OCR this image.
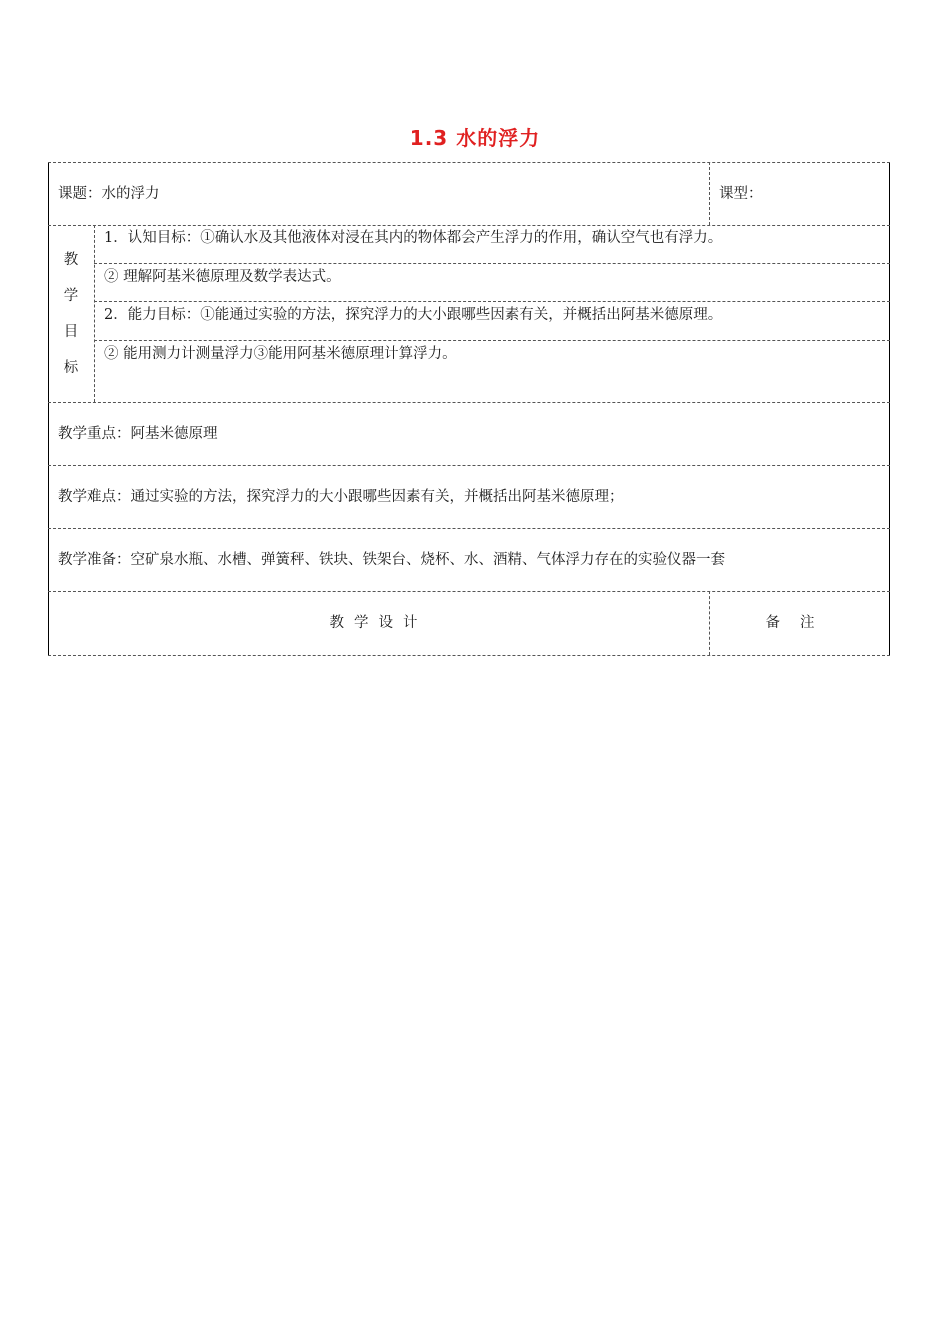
1.3 水的浮力
课题： 水的浮力	课型：
教
学
目
标
1．认知目标：①确认水及其他液体对浸在其内的物体都会产生浮力的作用，确认空气也有浮力。
② 理解阿基米德原理及数学表达式。
2．能力目标：①能通过实验的方法，探究浮力的大小跟哪些因素有关，并概括出阿基米德原理。
② 能用测力计测量浮力③能用阿基米德原理计算浮力。
教学重点：阿基米德原理
教学难点：通过实验的方法，探究浮力的大小跟哪些因素有关，并概括出阿基米德原理；
教学准备：空矿泉水瓶、水槽、弹簧秤、铁块、铁架台、烧杯、水、酒精、气体浮力存在的实验仪器一套
教学设计	备注
